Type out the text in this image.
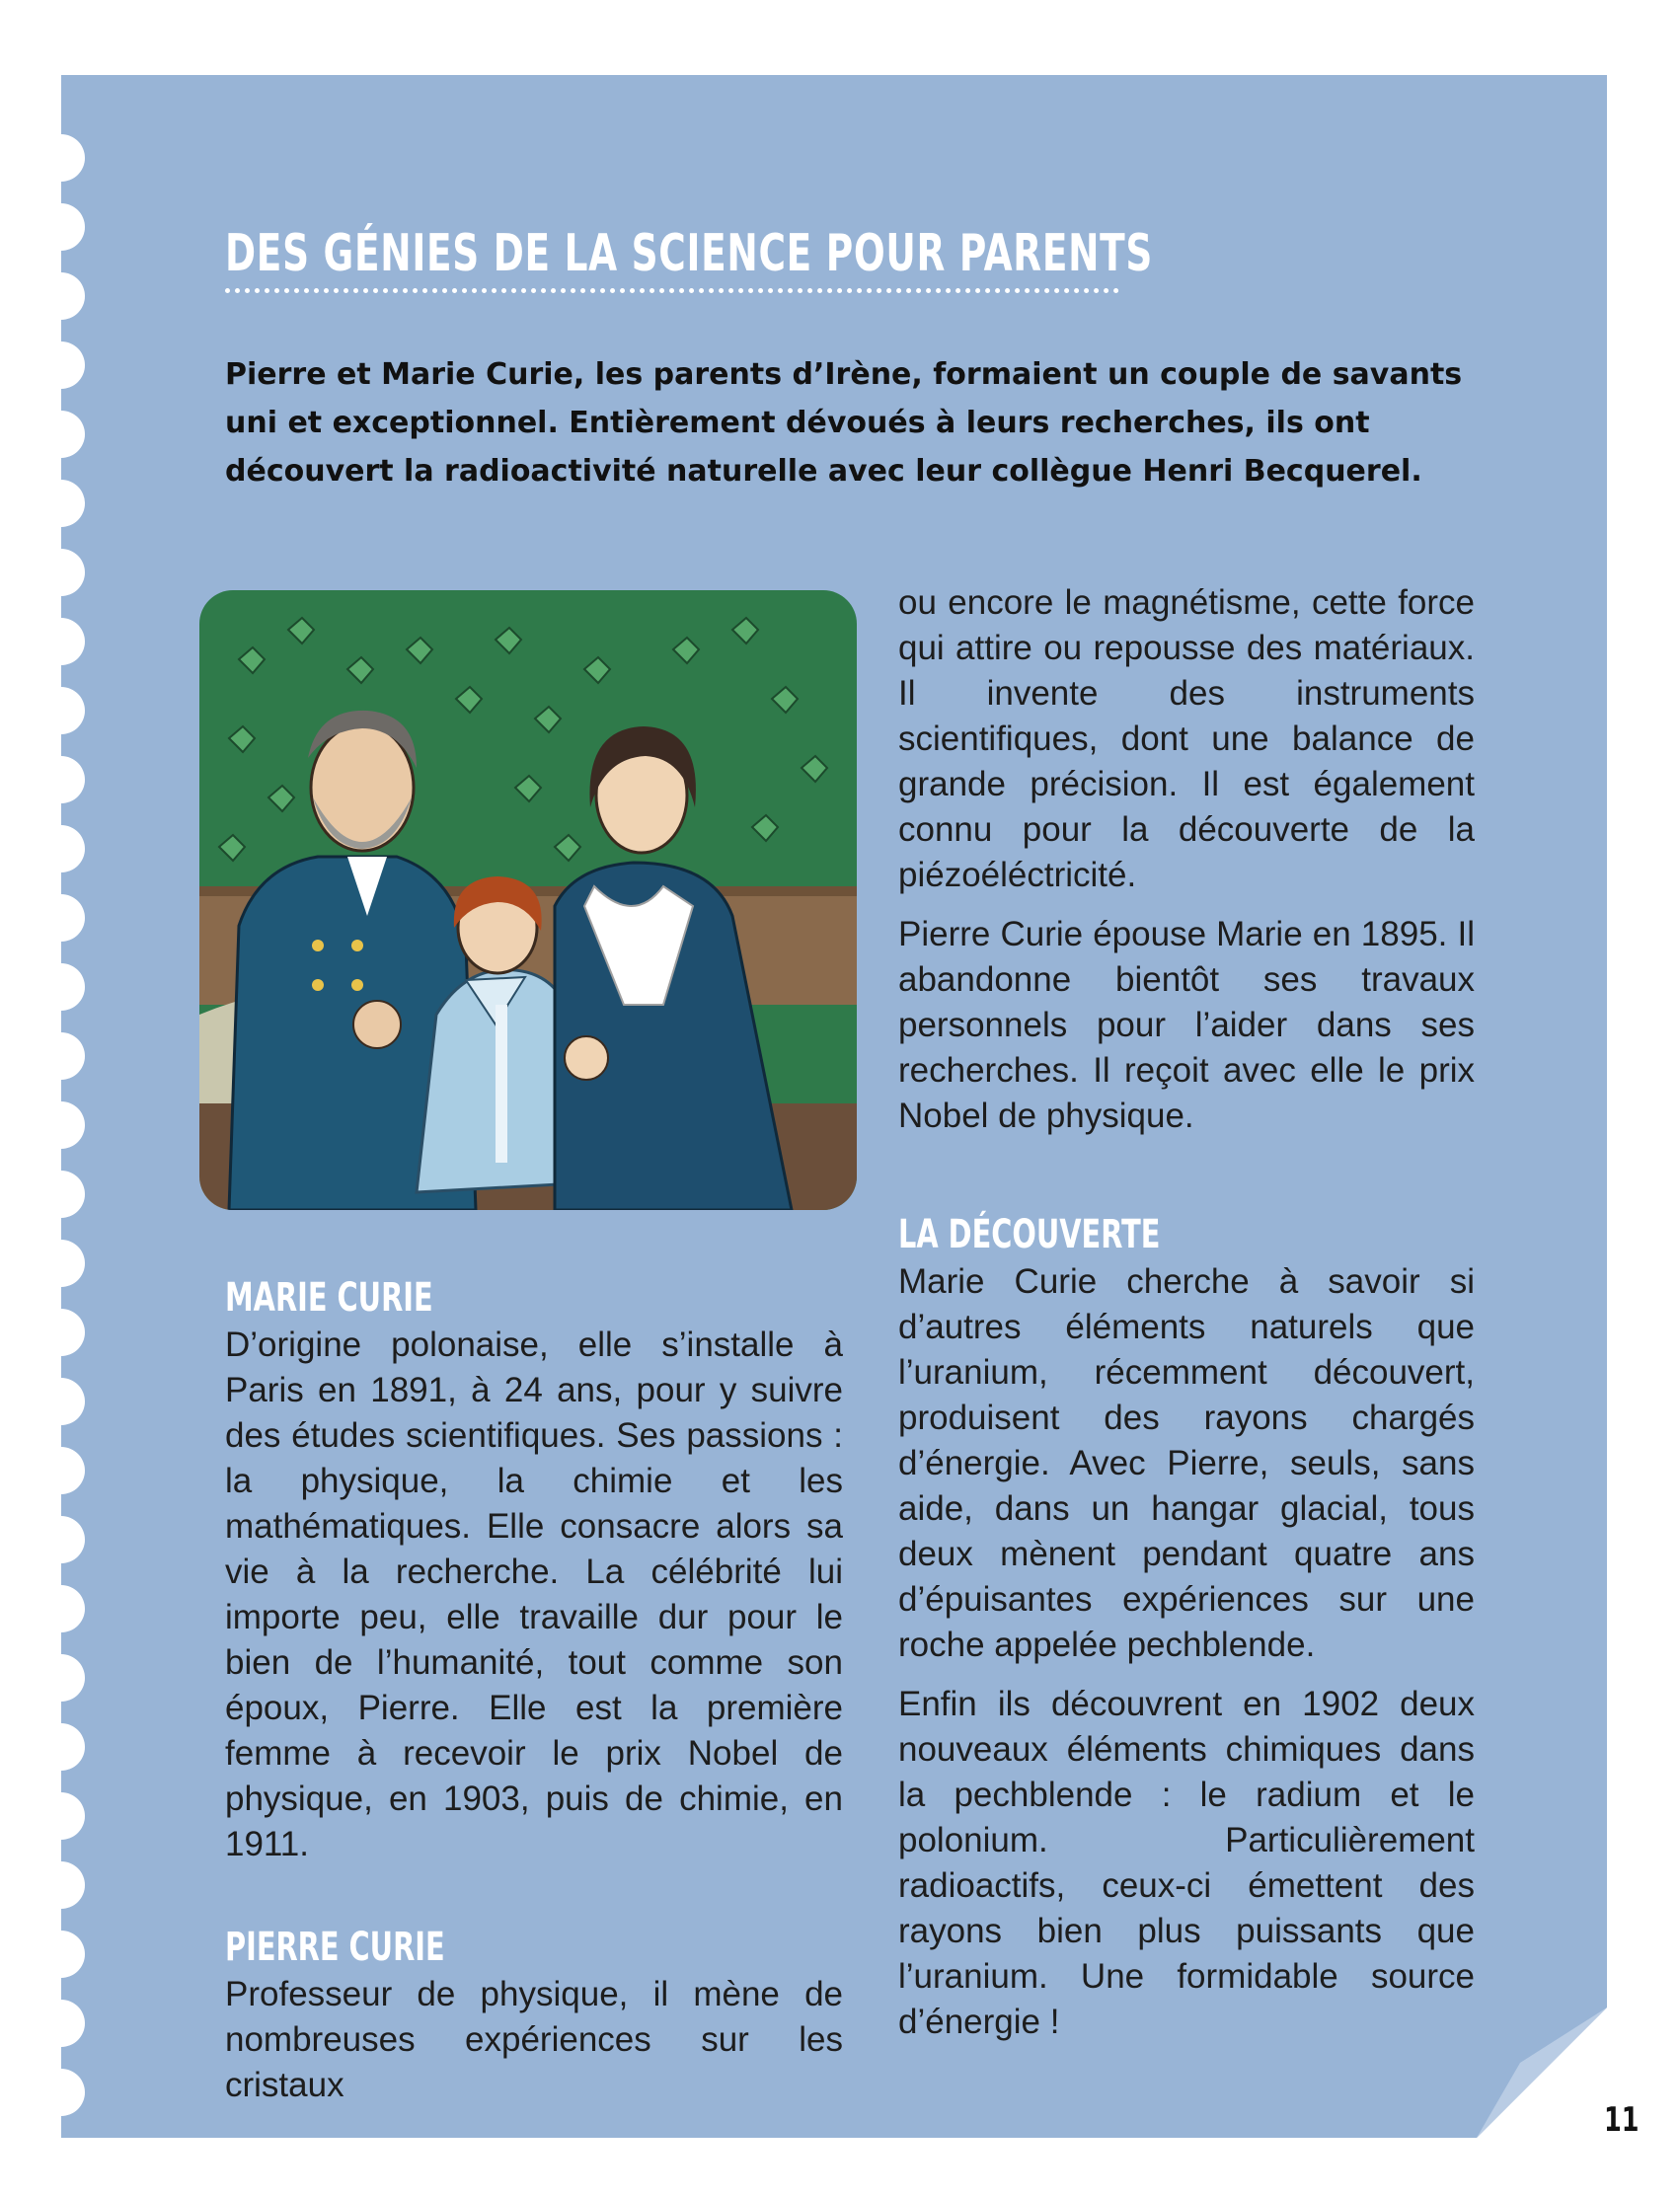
DES GÉNIES DE LA SCIENCE POUR PARENTS

Pierre et Marie Curie, les parents d’Irène, formaient un couple de savants uni et exceptionnel. Entièrement dévoués à leurs recherches, ils ont découvert la radioactivité naturelle avec leur collègue Henri Becquerel.

MARIE CURIE

D’origine polonaise, elle s’installe à Paris en 1891, à 24 ans, pour y suivre des études scientifiques. Ses passions : la physique, la chimie et les mathématiques. Elle consacre alors sa vie à la recherche. La célébrité lui importe peu, elle travaille dur pour le bien de l’humanité, tout comme son époux, Pierre. Elle est la première femme à recevoir le prix Nobel de physique, en 1903, puis de chimie, en 1911.

PIERRE CURIE

Professeur de physique, il mène de nombreuses expériences sur les cristaux

ou encore le magnétisme, cette force qui attire ou repousse des matériaux. Il invente des instruments scientifiques, dont une balance de grande précision. Il est également connu pour la découverte de la piézoéléctricité.

Pierre Curie épouse Marie en 1895. Il abandonne bientôt ses travaux personnels pour l’aider dans ses recherches. Il reçoit avec elle le prix Nobel de physique.

LA DÉCOUVERTE

Marie Curie cherche à savoir si d’autres éléments naturels que l’uranium, récemment découvert, produisent des rayons chargés d’énergie. Avec Pierre, seuls, sans aide, dans un hangar glacial, tous deux mènent pendant quatre ans d’épuisantes expériences sur une roche appelée pechblende.

Enfin ils découvrent en 1902 deux nouveaux éléments chimiques dans la pechblende : le radium et le polonium. Particulièrement radioactifs, ceux-ci émettent des rayons bien plus puissants que l’uranium. Une formidable source d’énergie !

11
